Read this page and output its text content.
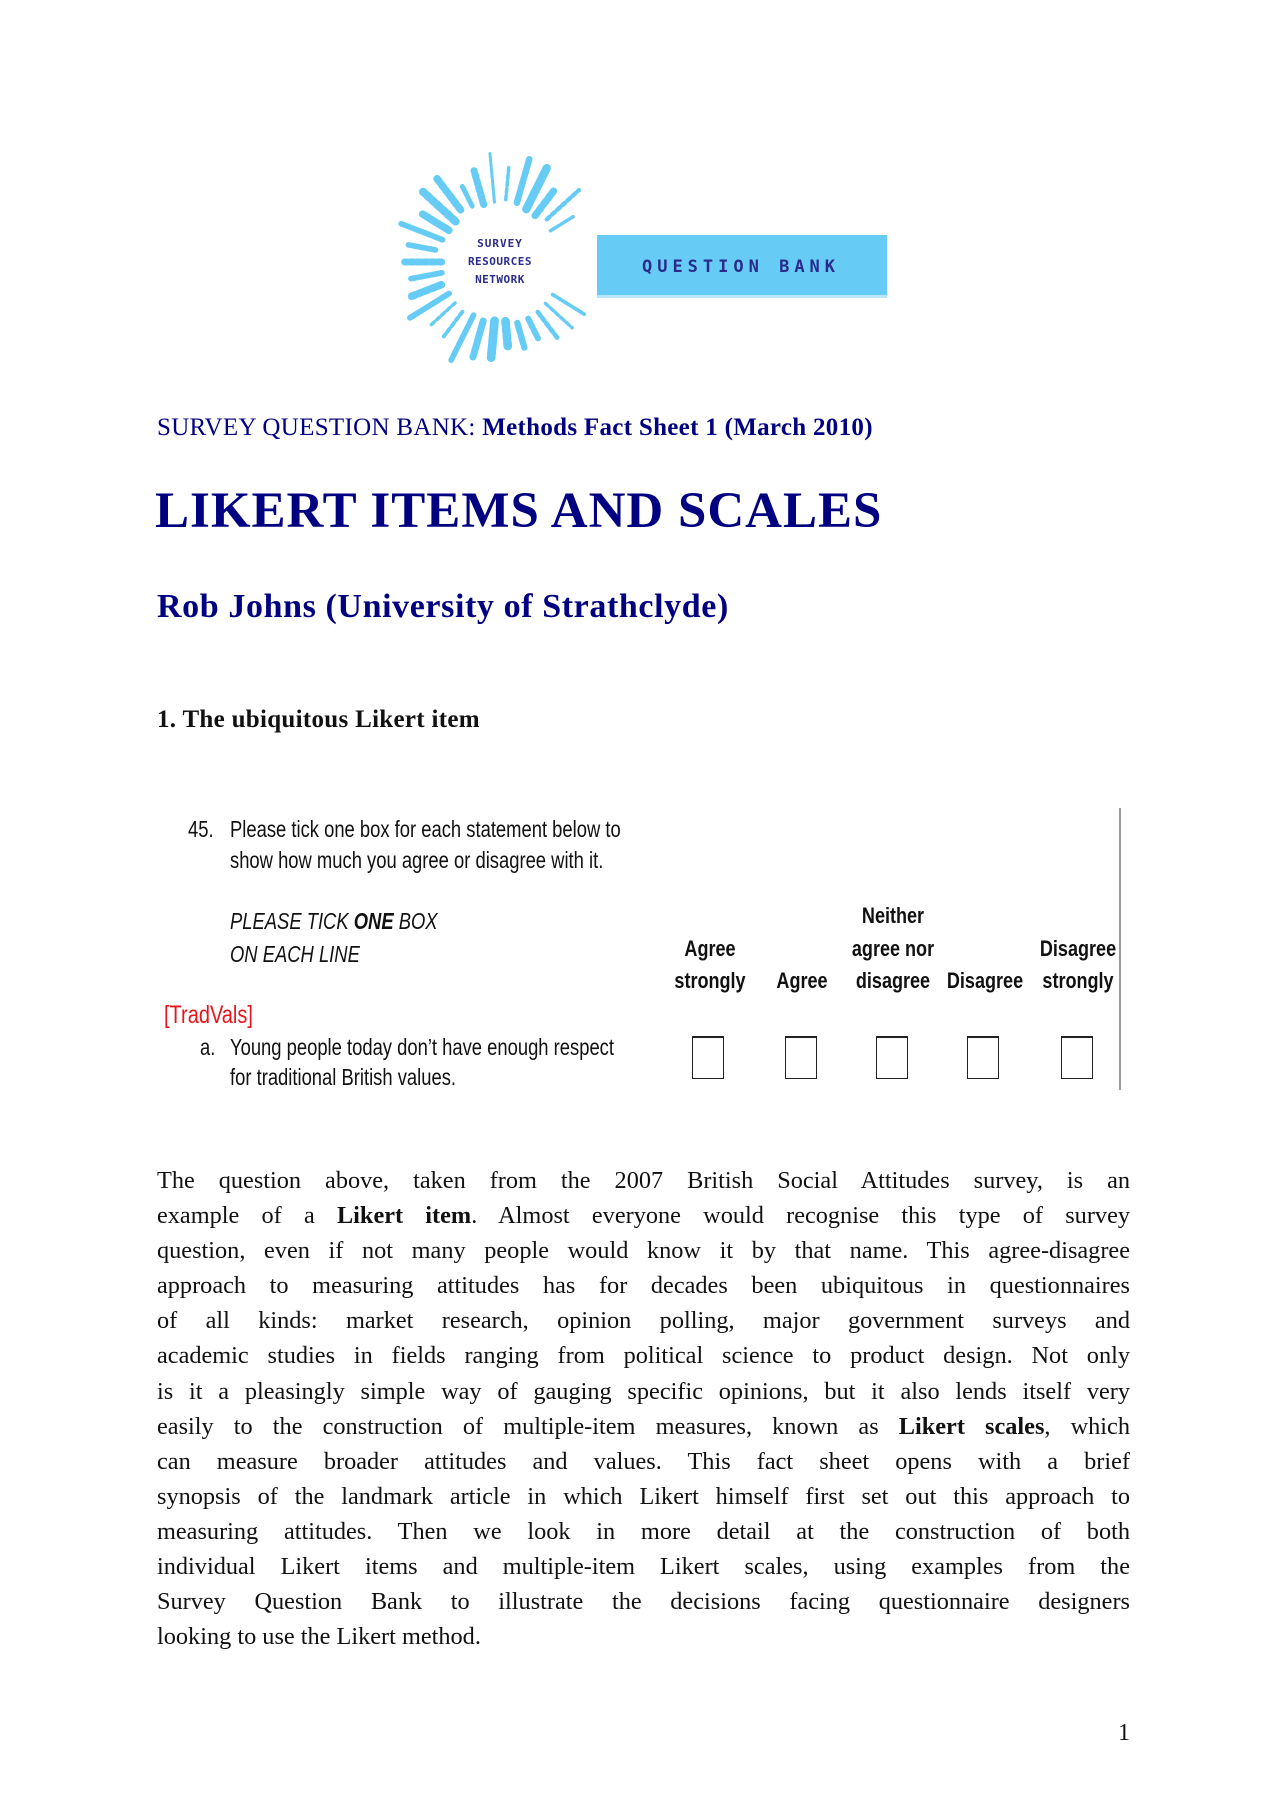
SURVEY
RESOURCES
NETWORK
QUESTION BANK
SURVEY QUESTION BANK: Methods Fact Sheet 1 (March 2010)
LIKERT ITEMS AND SCALES
Rob Johns (University of Strathclyde)
1. The ubiquitous Likert item
45. Please tick one box for each statement below to
show how much you agree or disagree with it.
PLEASE TICK ONE BOX
ON EACH LINE
[TradVals]
a. Young people today don’t have enough respect
for traditional British values.
Agree
strongly Agree
Neither
agree nor
disagree Disagree
Disagree
strongly
The question above, taken from the 2007 British Social Attitudes survey, is an
example of a Likert item. Almost everyone would recognise this type of survey
question, even if not many people would know it by that name. This agree-disagree
approach to measuring attitudes has for decades been ubiquitous in questionnaires
of all kinds: market research, opinion polling, major government surveys and
academic studies in fields ranging from political science to product design. Not only
is it a pleasingly simple way of gauging specific opinions, but it also lends itself very
easily to the construction of multiple-item measures, known as Likert scales, which
can measure broader attitudes and values. This fact sheet opens with a brief
synopsis of the landmark article in which Likert himself first set out this approach to
measuring attitudes. Then we look in more detail at the construction of both
individual Likert items and multiple-item Likert scales, using examples from the
Survey Question Bank to illustrate the decisions facing questionnaire designers
looking to use the Likert method.
1
